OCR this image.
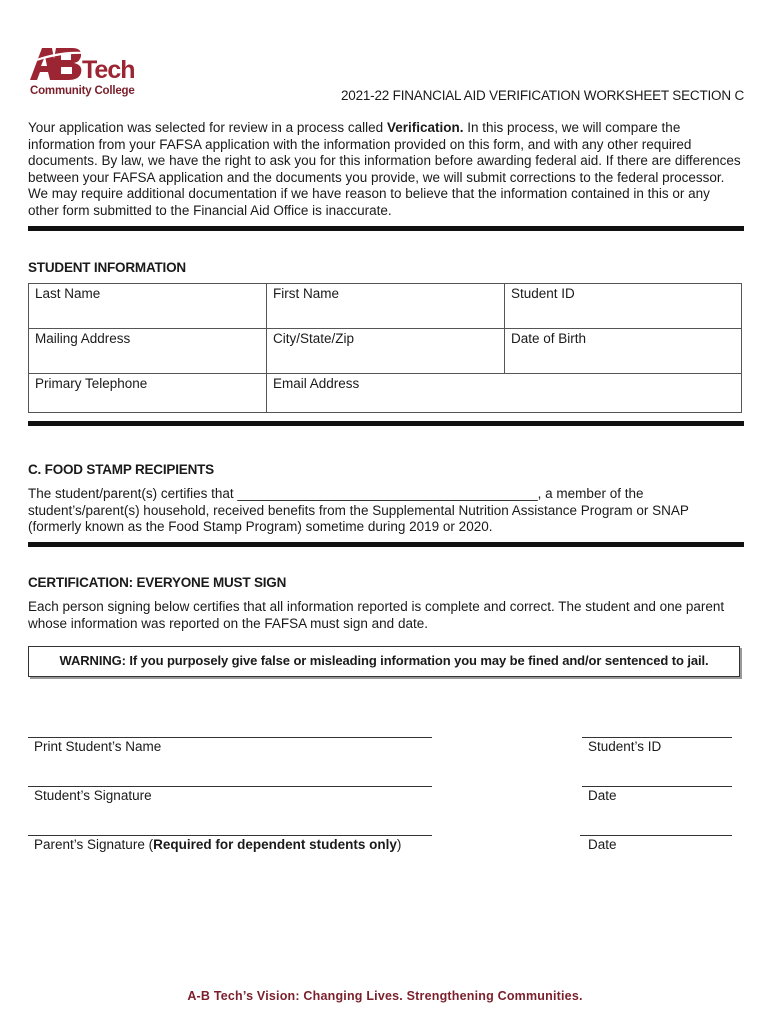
Tech
Community College	2021-22 FINANCIAL AID VERIFICATION WORKSHEET SECTION C
Your application was selected for review in a process called Verification. In this process, we will compare the information from your FAFSA application with the information provided on this form, and with any other required documents. By law, we have the right to ask you for this information before awarding federal aid. If there are differences between your FAFSA application and the documents you provide, we will submit corrections to the federal processor. We may require additional documentation if we have reason to believe that the information contained in this or any other form submitted to the Financial Aid Office is inaccurate.
STUDENT INFORMATION
Last Name	First Name	Student ID
Mailing Address	City/State/Zip	Date of Birth
Primary Telephone	Email Address	
C. FOOD STAMP RECIPIENTS
The student/parent(s) certifies that ________________________________________, a member of the student’s/parent(s) household, received benefits from the Supplemental Nutrition Assistance Program or SNAP (formerly known as the Food Stamp Program) sometime during 2019 or 2020.
CERTIFICATION: EVERYONE MUST SIGN
Each person signing below certifies that all information reported is complete and correct. The student and one parent whose information was reported on the FAFSA must sign and date.
WARNING: If you purposely give false or misleading information you may be fined and/or sentenced to jail.
Print Student’s Name	Student’s ID
Student’s Signature	Date
Parent’s Signature (Required for dependent students only)	Date
A-B Tech’s Vision: Changing Lives. Strengthening Communities.
